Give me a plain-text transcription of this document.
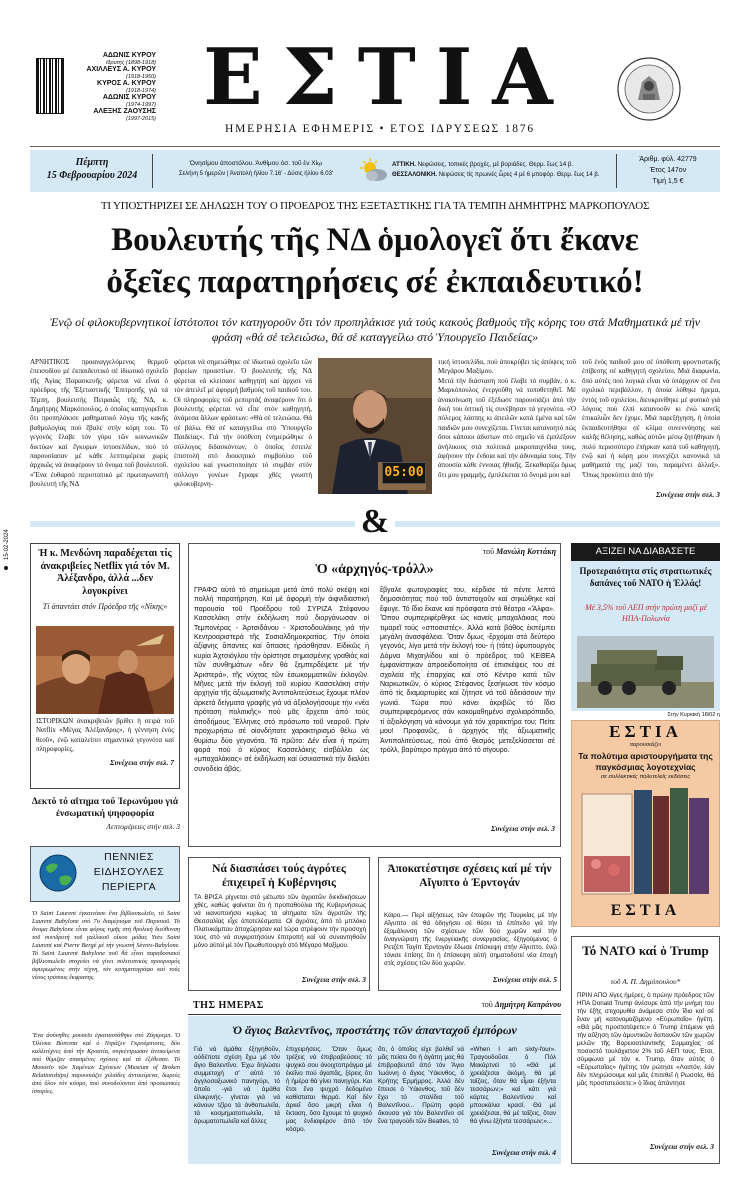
ΑΔΩΝΙΣ ΚΥΡΟΥ
Ιδρυτής (1898-1918)
ΑΧΙΛΛΕΥΣ Α. ΚΥΡΟΥ
(1918-1950)
ΚΥΡΟΣ Α. ΚΥΡΟΥ
(1918-1974)
ΑΔΩΝΙΣ ΚΥΡΟΥ
(1974-1997)
ΑΛΕΞΗΣ ΖΑΟΥΣΗΣ
(1997-2015) ΕΣΤΙΑ
ΗΜΕΡΗΣΙΑ ΕΦΗΜΕΡΙΣ • ΕΤΟΣ ΙΔΡΥΣΕΩΣ 1876
Πέμπτη
15 Φεβρουαρίου 2024
Όνησίμου άποστόλου. Άνθίμου όσ. τοῦ ἐν Χίῳ
Σελήνη 5 ήμερῶν | Άνατολή ήλίου 7.16' - Δύσις ήλίου 6.03'
ΑΤΤΙΚΗ. Νεφώσεις, τοπικές βροχές, μέ βοριάδες. Θερμ. ἕως 14 β.
ΘΕΣΣΑΛΟΝΙΚΗ. Νεφώσεις τίς πρωινές ὧρες 4 μέ 6 μποφόρ. Θερμ. ἕως 14 β.
Άριθμ. φύλ. 42779
Έτος 147ον
Τιμή 1,5 €
15-02-2024
ΤΙ ΥΠΟΣΤΗΡΙΖΕΙ ΣΕ ΔΗΛΩΣΗ ΤΟΥ Ο ΠΡΟΕΔΡΟΣ ΤΗΣ ΕΞΕΤΑΣΤΙΚΗΣ ΓΙΑ ΤΑ ΤΕΜΠΗ ΔΗΜΗΤΡΗΣ ΜΑΡΚΟΠΟΥΛΟΣ
Βουλευτής τῆς ΝΔ ὁμολογεῖ ὅτι ἔκανε
ὀξεῖες παρατηρήσεις σέ ἐκπαιδευτικό!
Ἐνῷ οἱ φιλοκυβερνητικοί ἱστότοποι τόν κατηγοροῦν ὅτι τόν προπηλάκισε γιά τούς κακούς βαθμούς τῆς κόρης του στά Μαθηματικά μέ τήν φράση «θά σέ τελειώσω, θά σέ καταγγείλω στό Ὑπουργεῖο Παιδείας»
ΑΡΝΗΤΙΚΟΣ προαναγγελόμενος θερμοῦ ἐπεισοδίου μέ ἐκπαιδευτικό σέ ἰδιωτικό σχολεῖο τῆς Ἁγίας Παρασκευῆς φέρεται νά εἶναι ὁ πρόεδρος τῆς Ἐξεταστικῆς Ἐπιτροπῆς γιά τά Τέμπη, βουλευτής Πειραιῶς τῆς ΝΔ, κ. Δημήτρης Μαρκόπουλος, ὁ ὁποῖος κατηγορεῖται ὅτι προπηλάκισε μαθηματικό λόγῳ τῆς κακῆς βαθμολογίας πού ἔβαλε στήν κόρη του. Τό γεγονός ἔλαβε τόν γύρο τῶν κοινωνικῶν δικτύων καί ἔγκυρων ἱστοσελίδων, πού τό παρουσίασαν μέ κάθε λεπτομέρεια χωρίς ἀρχικῶς νά ἀναφέρουν τό ὄνομα τοῦ βουλευτοῦ. «Ἕνα ἐυθαρσό περιστατικό μέ πρωταγωνιστή βουλευτή τῆς ΝΔ
φέρεται νά σημειώθηκε σέ ἰδιωτικό σχολεῖο τῶν βορείων προαστίων. Ὁ βουλευτής τῆς ΝΔ φέρεται νά κλείσασε καθηγητή καί ἀρχισε νά τόν ἀπειλεῖ μέ ἀφορμή βαθμούς τοῦ παιδιοῦ του. Οἱ πληροφορίες τοῦ ρεπορτάζ ἀναφέρουν ὅτι ὁ βουλευτής φέρεται νά εἶπε στόν καθηγητή, ἀνάμεσα ἄλλων φράσεων: «Θά σέ τελειώσω. Θά σέ βάλω. Θά σέ καταγγείλω στό Ὑπουργεῖο Παιδείας». Γιά τήν ὑπόθεση ἐνημερώθηκε ὁ σύλλογος διδασκόντων, ὁ ὁποῖος ἐστειλε ἐπιστολή στό διοικητικό συμβούλιο τοῦ σχολείου καί γνωστοποίησε τό συμβάν στόν σύλλογο γονέων ἔγραφε χθές γνωστή φιλοκυβερνη-
05:00
τική ἱστοσελίδα, πού ἀποκρύβει τίς ἀπόψεις τοῦ Μεγάρου Μαξίμου.
Μετά τήν διάσταση πού ἔλαβε τό συμβάν, ὁ κ. Μαρκόπουλος ἐνεργοῦθη νά τοποθετηθεῖ. Μέ ἀνακοίνωση τοῦ ἐξέδωσε παρουσιάζει ἀπό τήν δική του ὀπτική τίς συνέβησαν τά γεγονότα. «Ὁ πόλεμος λάσπης κι ἀπειλῶν κατά ἐμένα καί τῶν παιδιῶν μου συνεχίζεται. Γίνεται κατανοητό πώς ὅσοι κάποιοι ἀδιστων στό σημεῖο νά ἐμπλέξουν ἀνήλικους στά πολιτικά μικροπαιχνίδια τους, ἀφήνουν τήν ἐνδοια καί τήν ἀδυναμία τους. Τήν ἀπουσία κάθε ἐννοιας ἠθικῆς. Ξεκαθαρίζω ὅμως ὅτι μου γραμμής, ἐμπλέκεται τό ὄνομά μου καί
τοῦ ἐνός παιδιοῦ μου σέ ὑπόθεση φροντιστικῆς ἐπίβεσης σέ καθηγητή σχολείου. Μιά διαφωνία, ὅπό αὐτές πού λογικά εἶναι νά ὑπάρχουν σέ ἕνα σχολικό περιβάλλον, ἡ ὁποία λύθηκε ἠρεμα, ἐντός τοῦ σχολείου, διευκρινίθηκε μέ φυσικό γιά λόγους πού ἐλπί κατανοοῦν κι ἐνώ κανεῖς ἐπικαλιὦν δεν ἐχομε. Μιά παρεξήγηση, ἡ ὁποία ἐκπαιδευτήθηκε σέ κλίμα συνεννόησης καί καλῆς θέλησης, καθώς αὐτῶν μέσῳ ζητήθηκαν ἡ πολύ περισσότερο ἐπήρκαν κατά τοῦ καθηγητή, ἐνῷ καί ἡ κόρη μου συνεχίζει κανονικά τά μαθήματά της μαζί του, παραμένει ἀλλαξ». Ὅπως προκύπτει ἀπό τήν
Συνέχεια στήν σελ. 3
&
Ἡ κ. Μενδώνη παραδέχεται τίς ἀνακριβείες Netflix γιά τόν Μ. Ἀλέξανδρο, ἀλλά ...δεν λογοκρίνει
Τί ἀπαντάει στόν Πρόεδρο τῆς «Νίκης»
ΙΣΤΟΡΙΚΩΝ ἀνακριβειῶν βρίθει ἡ σειρά τοῦ Netflix «Μέγας Ἀλέξανδρος», ἡ γέννηση ἑνός θεοῦ», ἐνῷ καταλείπει σημαντικά γεγονότα καί πληροφορίες,
Συνέχεια στήν σελ. 7
Δεκτό τό αἴτημα τοῦ Ἱερωνύμου γιά ἐνσωματική ψηφοφορία
Λεπτομέρειες στήν σελ. 3
ΠΕΝΝΙΕΣ ΕΙΔΗΣΟΥΛΕΣ ΠΕΡΙΕΡΓΑ
Ὁ Saint Laurent ἐγκαινίασε ἕνα βιβλιοπωλεῖο, τό Saint Laurent Babylone στό 7ο διαμέρισμα τοῦ Παρισιοῦ. Τό ὄνομα Babylone εἶναι φόρος τιμῆς στή θρυλική διεύθυνση τοῦ συνιδρυτή τοῦ γαλλικοῦ οἴκου μόδας Yves Saint Laurent καί Pierre Bergé μέ τήν γνωστή Sèvres-Babylone. Τό Saint Laurent Babylone ποῦ θά εἶναι παραδοσιακό βιβλιοπωλεῖο στοχεύει νά γίνει πολιτιστικός προορισμός ἀφιερωμένος στήν τέχνη, τόν κινηματογράφο καί τούς νέους τρόπους ἔκφρασης.
Ἕνα ἀσύνηθες μουσεῖο ἐγκαταστάθηκε στό Ζάγκρεμπ. Ὁ Ὀλίνκα Βίστιτσα καί ὁ Ντράζεν Γκρούμπισιτς, δύο καλλιτέχνες ἀπό τήν Κροατία, συγκέντρωσαν ἀντικείμενα πού θύμιζαν σπασμένες σχέσεις καί τά ἐξέθεσαν. Τό Μουσεῖο τῶν Χαμένων Σχέσεων (Museum of Broken Relationships) παρουσιάζει χιλιάδες ἀντικείμενα, δωρεές ἀπό ὅλον τόν κόσμο, πού συνοδεύονται ἀπό προσωπικές ἱστορίες.
τοῦ Μανώλη Κοττάκη
Ὁ «ἀρχηγός-τρόλλ»
ΓΡΑΦΩ αὐτό τό σημείωμα μετά ἀπό πολύ σκέψη καί πολλή παρατήρηση. Καί μέ ἀφορμή τήν ἀιφνιδιαστική παρουσία τοῦ Προέδρου τοῦ ΣΥΡΙΖΑ Στέφανου Κασσελάκη στήν ἐκδήλωση πού διοργάνωσαν οἱ Τεμπονέρας - Ἀρτσιδάνου - Χριστοδουλάκης γιά τήν Κεντροαριστερά τῆς Σοσιαλδημοκρατίας. Τήν ὁποία ἀξίφνης ἄπαντες καί ἄπασες ἠράσθησαν. Εἰδικῶς ἡ κυρία Ἀχτσιόγλου τήν ὀρίστησε σημασμένης γραθιάς καί τῶν συνθημάτων «δεν θά ξεμπερδέψετε μέ τήν Ἀριστερά», τῆς νύχτας τῶν ἐσωκομματικῶν ἐκλογῶν. Μῆνες μετά τήν ἐκλογή τοῦ κυρίου Κασσελάκη στήν ἀρχηγία τῆς ἀξιωματικῆς Ἀντιπολιτεύσεως ἔχουμε πλέον ἀρκετά δείγματα γραφῆς γιά νά ἀξιολογήσουμε τήν «νέα πρόταση πολιτικῆς» πού μᾶς ἔρχεται ἀπό τούς ἀποδήμους Ἕλληνες στό πρόσωπο τοῦ νεαροῦ. Πρίν προχωρήσω σέ οἱονδήποτε χαρακτηρισμό θέλω νά θυμίσω δύο γεγονότα. Τό πρῶτο: Δέν εἶναι ἡ πρώτη φορά πού ὁ κύριος Κασσελάκης εἰσβάλλει ὡς «μπαχαλάκιας» σέ ἐκδήλωση καί ὑσυιαστικά τήν διαλύει συνοδεία ἀβάς.
ἔβγαλε φωτογραφίες του, κέρδισε τά πέντε λεπτά δημοσιότητας πού τοῦ ἀντιστοιχοῦν καί σηκώθηκε καί ἔφυγε. Τό ἴδιο ἔκανε καί πρόσφατα στό θέατρο «Ἄλφα». Ὅπου συμπεριφέρθηκε ὡς κανείς μπαχαλάκιας πού τιμαρεῖ τούς «σποσιστές». Ἀλλά κατά βάθος ἐκπέμπει μεγάλη ἀνασφάλεια. Ὅταν δμως -ἔρχομαι στό δεύτερο γεγονός, λίγο μετά τήν ἐκλογή του- ἡ (τότε) ὑφυπουργός Δόμνα Μιχαηλίδου καί ὁ πρόεδρος τοῦ ΚΕΘΕΑ ἐμφανίστηκαν ἀπροειδοποίητα σέ ἐπισκέψεις του σέ σχολεία τῆς ἐπαρχίας καί στό Κέντρο κατά τῶν Ναρκωτικῶν, ὁ κύριος Στέφανος ξεσήκωσε τόν κόσμο ἀπό τίς διαμαρτυρίες καί ζήτησε νά τοῦ ἀδειάσουν τήν γωνιά. Τώρα πού κάνει ἀκριβῶς τό ἴδιο συμπεριφερόμενος σάν κακομαθημένο σχολιαρόπαιδο, τί ἀξιολόγηση νά κάνουμε γιά τόν χαρακτήρα του; Πείτε μου! Προφανῶς, ὁ ἀρχηγός τῆς ἀξιωματικῆς Ἀντιπολιτεύσεως, πού ἀπό θεσμός μετεξελίσσεται σέ τρόλλ, βαρύτερο πράγμα ἀπό τό σίγουρο.
Συνέχεια στήν σελ. 3
Νά διασπάσει τούς ἀγρότες ἐπιχειρεῖ ἡ Κυβέρνησις
ΤΑ ΒΡΙΣΑ ρίχνεται στό μέτωπο τῶν ἀγροτῶν διεκδικήσεων χθές, καθώς φαίνεται ὅτι ἡ προπαθούλια τῆς Κυβερνήσεως νά ικανοποιήσει κυρίως τά αἰτήματα τῶν ἀγροτῶν τῆς Θεσσαλίας εἶχε ἀποτελέσματα. Οἱ ἀγρότες ἀπό τό μπλόκο Πλατυκάμπου ἀποχώρησαν καί τώρα στρέφουν τήν προσοχή τους στό νά συγκροτήσουν ἐπιτροπή καί νά συναντηθοῦν μόνο αὐτοί μέ τόν Πρωθυπουργό στό Μέγαρο Μαξίμου.
Συνέχεια στήν σελ. 3
Ἀποκατέστησε σχέσεις καί μέ τήν Αἴγυπτο ὁ Ἐρντογάν
Κάιρο.— Περί αἰξήσεως τῶν ἐπαφῶν τῆς Τουρκίας μέ τήν Αἴγυπτο σέ θά ὁδηγήσει σέ θέσει τά ἐπίπεδο γιά τήν ἐξομάλυνση τῶν σχέσεων τῶν δύο χωρῶν καί τήν ἀναγνώριση τῆς ἐνεργειακῆς συνεργασίας, ἐξηγούμενος ὁ Ρετζέπ Ταγίπ Ἐρντογάν ἔδωσε ἐπίσκεψη στήν Αἴγυπτο, ἐνῷ τόνισε ἐπίσης ὅτι ἡ ἐπίσκεψη αὐτή σηματοδοτεί νέα ἐποχή στίς σχέσεις τῶν δύο χωρῶν.
Συνέχεια στήν σελ. 5
ΑΞΙΖΕΙ ΝΑ ΔΙΑΒΑΣΕΤΕ
Προτεραιότητα στίς στρατιωτικές δαπάνες τοῦ ΝΑΤΟ ἡ Ἑλλάς!
Μέ 3,5% τοῦ ΑΕΠ στήν πρώτη μαζί μέ ΗΠΑ-Πολωνία
Στήν Κυριακή 18/02 η
ΕΣΤΙΑ
παρουσιάζει
Τα πολύτιμα αριστουργήματα της παγκόσμιας λογοτεχνίας
σε συλλεκτικές πολυτελείς εκδόσεις
ΕΣΤΙΑ
Τό ΝΑΤΟ καί ὁ Trump
τοῦ Α. Π. Δημόπουλου*
ΠΡΙΝ ΑΠΟ λίγες ἡμέρες, ὁ πρώην πρόεδρος τῶν ΗΠΑ Donald Trump ἀνέσυρε ἀπό τήν μνήμη του τήν ἐξῆς στιχομυθία ἀνάμεσα στόν ἴδιο καί σέ ἕναν μή κατονομαζόμενο «Εὐρωπαῖο» ἡγέτη. «Θά μᾶς προστατέψετε;» ὁ Trump ἐπέμενε γιά τήν αὔξηση τῶν ἀμυντικῶν δαπανῶν τῶν χωρῶν μελῶν τῆς Βορειοατλαντικῆς Συμμαχίας σέ ποσοστό τουλάχιστον 2% τοῦ ΑΕΠ τους. Ἐτσι, σύμφωνα μέ τόν κ. Trump, ὅταν αὐτός ὁ «Εὐρωπαῖος» ἡγέτης τόν ρώτησε «Λοιπόν, ἐάν δέν πληρώσουμε καί μᾶς ἐπιτεθεῖ ἡ Ρωσσία, θά μᾶς προστατεύσετε;» ὁ ἴδιος ἀπάντησε
Συνέχεια στήν σελ. 3
ΤΗΣ ΗΜΕΡΑΣ	τοῦ Δημήτρη Καπράνου
Ὁ ἅγιος Βαλεντῖνος, προστάτης τῶν ἀπανταχοῦ ἐμπόρων
Γιά νά ἀμάθα ἐξηγηθοῦν, οὐδέποτε σχέση ἔχω μέ τόν ἅγιο Βαλεντῖνο. Ἐχω δηλώσει συμμετοχή σ' αὐτό τό ἀγγλοσαξωνικό πανηγύρι, τό ὁποῖο -γιά νά ἀμάθα εἰλικρινής- γίνεται γιά νά κάνουν τζίρο τά ἀνθοπωλεῖα, τά κοσμηματοπωλεῖα, τά ἀρωματοπωλεῖα καί ἄλλες
ἐπιχειρήσεις. Ὅταν ὅμως τρέξεις νά ἐπιβραβεύσεις τό ψυχικό σου ἀνοιχτοπράγμα μέ ἐκεῖνο πού ἀγαπᾶς, ξέρεις ὅτι ἡ ἡμέρα θά γίνει πανηγύρι. Και ἔτσι ἕνα ψυχρό δεδομένο καθίσταται θερμό. Καί δέν ἀρκεῖ ὅσο μικρή εἶναι ἡ ἔκταση, ὅσο ἔχουμε τό ψυχικό μας ἐνδιαφέρον ἀπό τόν κόσμο.
ὅτι, ὁ ὁποῖος εἶχε βαλθεῖ νά μᾶς πείσει ὅτι ἡ ἀγάπη μας θά ἐπιβραβευτεῖ ἀπό τόν Ἅγιο Ἰωάννη ὁ ἄγιος Ὑάκινθος, ὁ Κρήτης Ἐρμήμρος. Ἀλλά δέν ἔπεισε ὁ Ὑάκινθος, τοῦ δέν ἔχει τό στολίδια τοῦ Βαλεντῖνου... Πρώτη φορά ἄκουσα γιά τόν Βαλεντῖνο σέ ἕνα τραγούδι τῶν Beatles, τό
«When I am sixty-four». Τραγουδοῦσε ὁ Πόλ Μακάρτνεϊ τό «Θά μέ χρειάζεσαι ἀκόμη, θά μέ ταΐζεις, ὅταν θά εἶμαι ἑξήντα τεσσάρων;» καί κάτι γιά κάρτες Βαλεντίνου καί μπουκάλια κρασί. Θά μέ χρειάζεσαι, θά μέ ταΐζεις, ὅταν θά γίνω ἑξήντα τεσσάρων;»...
Συνέχεια στήν σελ. 4
